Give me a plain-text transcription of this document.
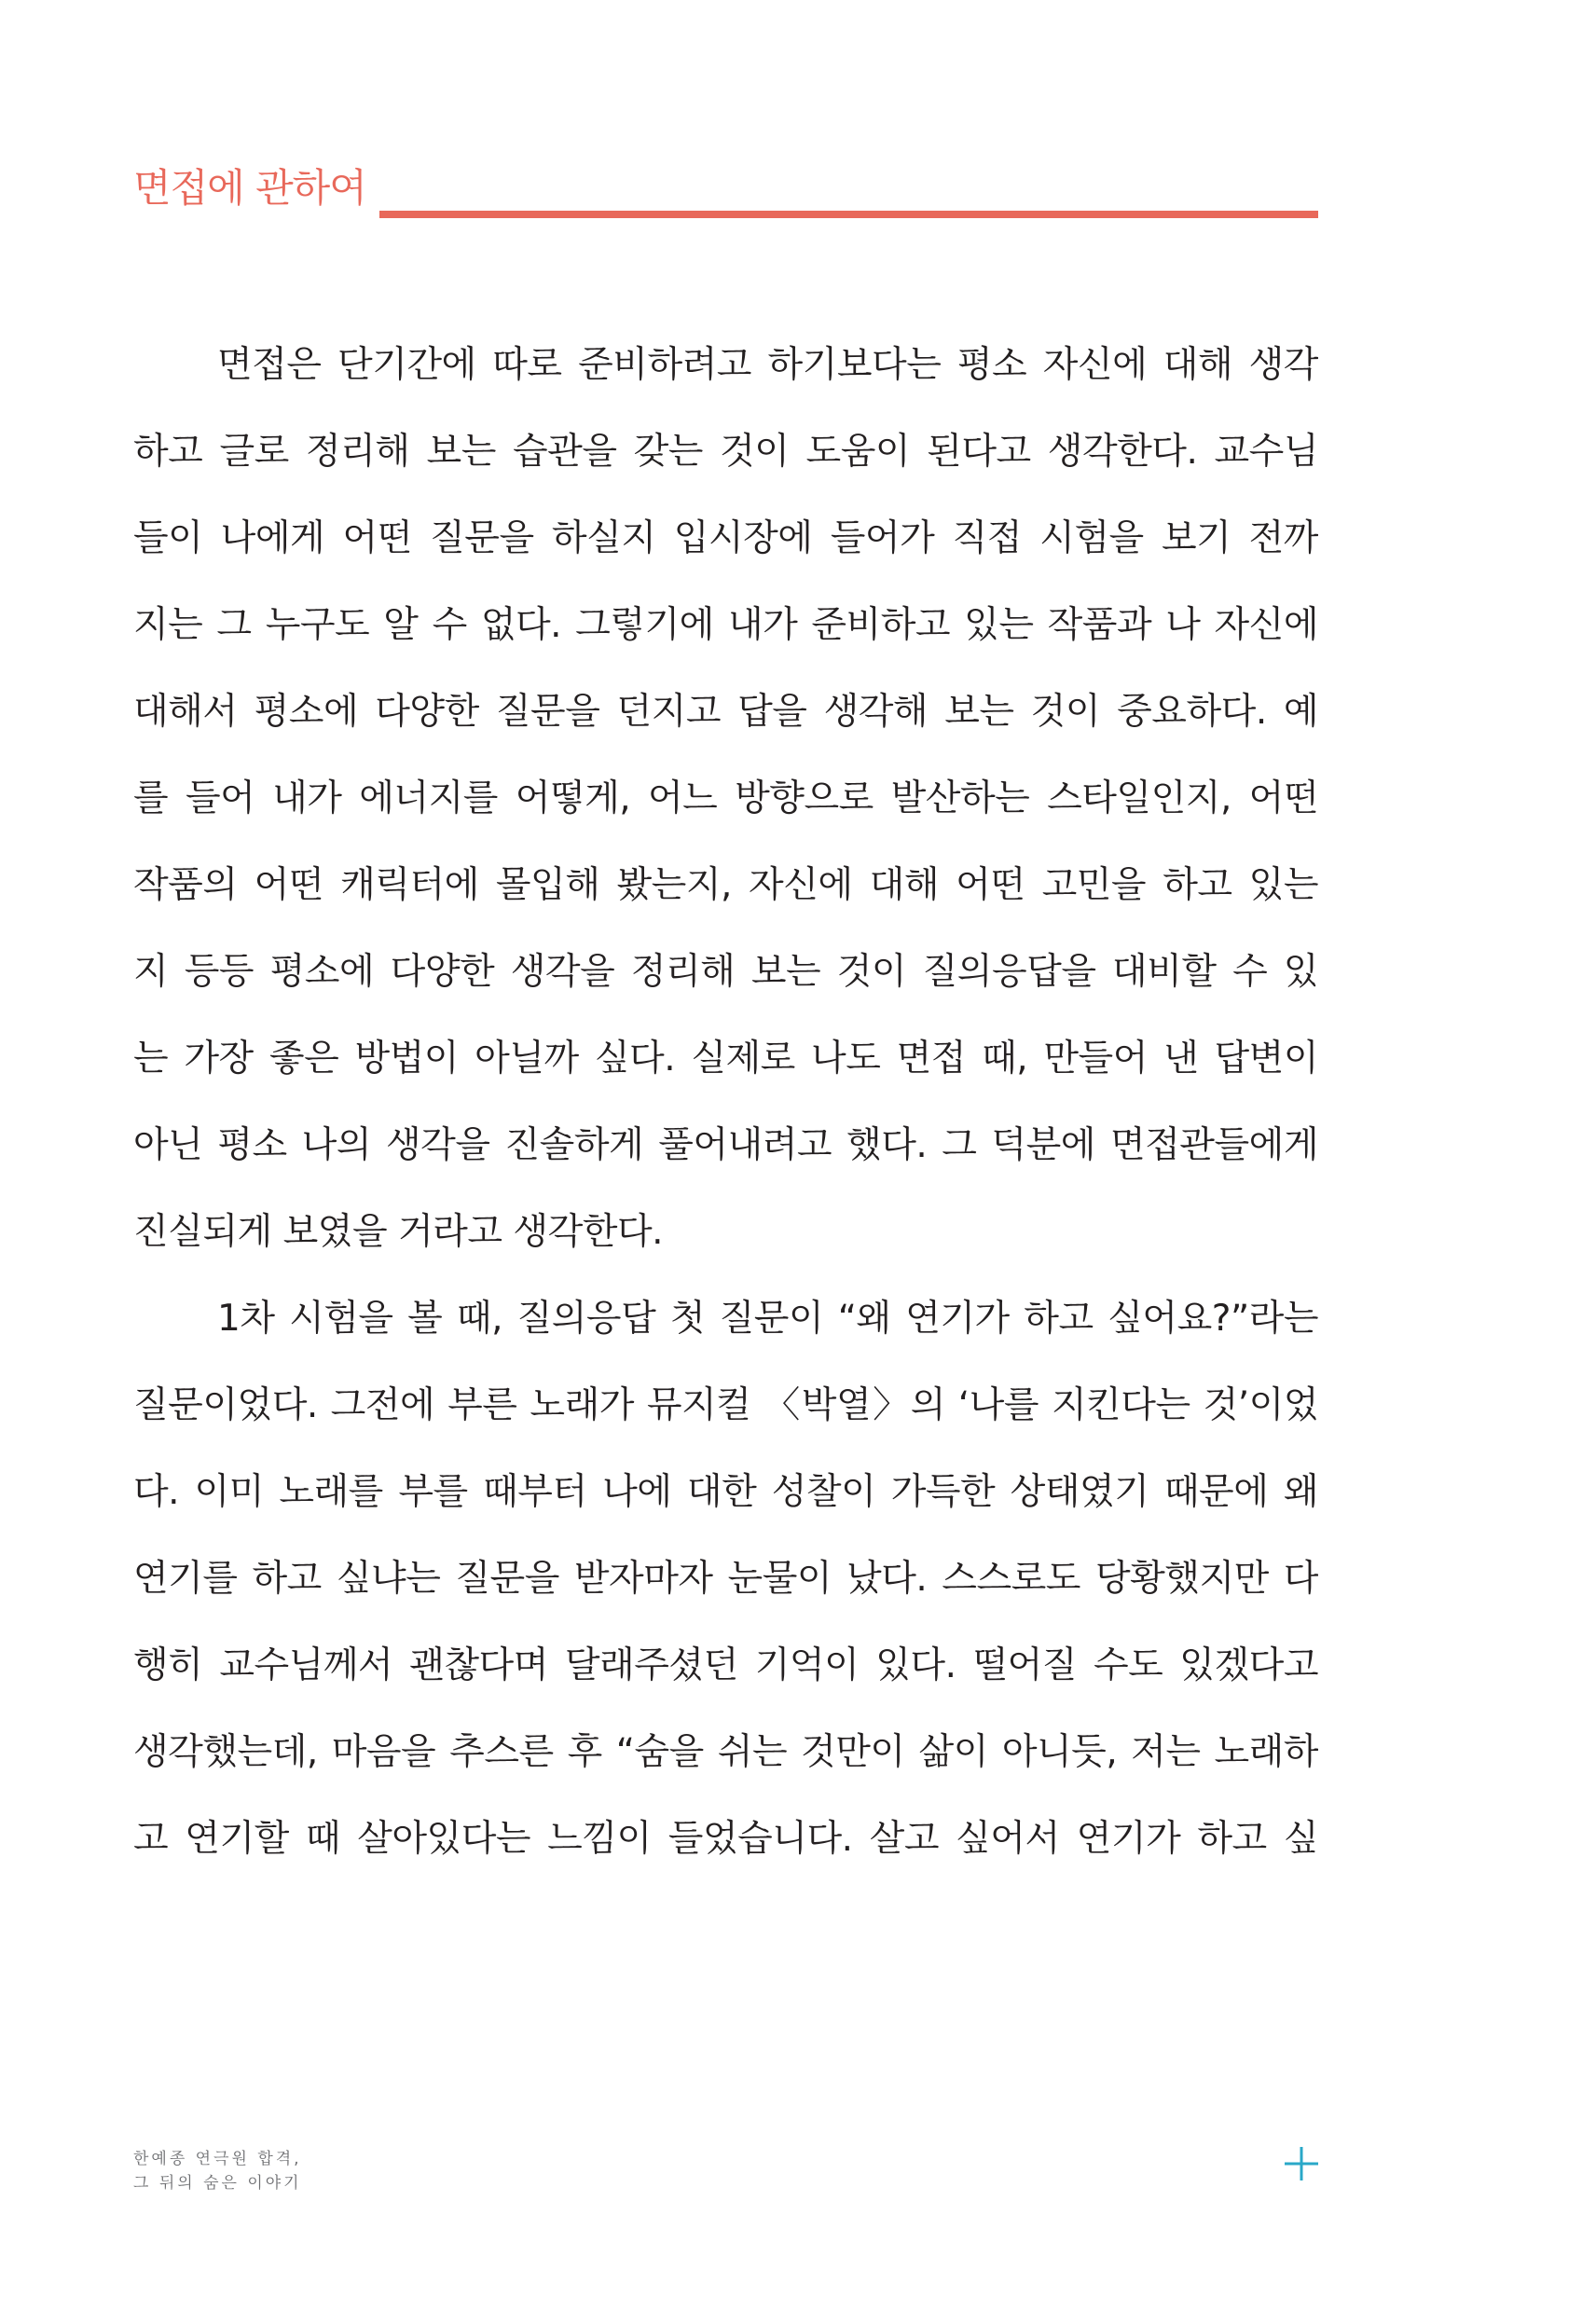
면접에 관하여
면접은 단기간에 따로 준비하려고 하기보다는 평소 자신에 대해 생각
하고 글로 정리해 보는 습관을 갖는 것이 도움이 된다고 생각한다. 교수님
들이 나에게 어떤 질문을 하실지 입시장에 들어가 직접 시험을 보기 전까
지는 그 누구도 알 수 없다. 그렇기에 내가 준비하고 있는 작품과 나 자신에
대해서 평소에 다양한 질문을 던지고 답을 생각해 보는 것이 중요하다. 예
를 들어 내가 에너지를 어떻게, 어느 방향으로 발산하는 스타일인지, 어떤
작품의 어떤 캐릭터에 몰입해 봤는지, 자신에 대해 어떤 고민을 하고 있는
지 등등 평소에 다양한 생각을 정리해 보는 것이 질의응답을 대비할 수 있
는 가장 좋은 방법이 아닐까 싶다. 실제로 나도 면접 때, 만들어 낸 답변이
아닌 평소 나의 생각을 진솔하게 풀어내려고 했다. 그 덕분에 면접관들에게
진실되게 보였을 거라고 생각한다.
1차 시험을 볼 때, 질의응답 첫 질문이 “왜 연기가 하고 싶어요?”라는
질문이었다. 그전에 부른 노래가 뮤지컬 〈박열〉의 ‘나를 지킨다는 것’이었
다. 이미 노래를 부를 때부터 나에 대한 성찰이 가득한 상태였기 때문에 왜
연기를 하고 싶냐는 질문을 받자마자 눈물이 났다. 스스로도 당황했지만 다
행히 교수님께서 괜찮다며 달래주셨던 기억이 있다. 떨어질 수도 있겠다고
생각했는데, 마음을 추스른 후 “숨을 쉬는 것만이 삶이 아니듯, 저는 노래하
고 연기할 때 살아있다는 느낌이 들었습니다. 살고 싶어서 연기가 하고 싶
한예종 연극원 합격,
그 뒤의 숨은 이야기
